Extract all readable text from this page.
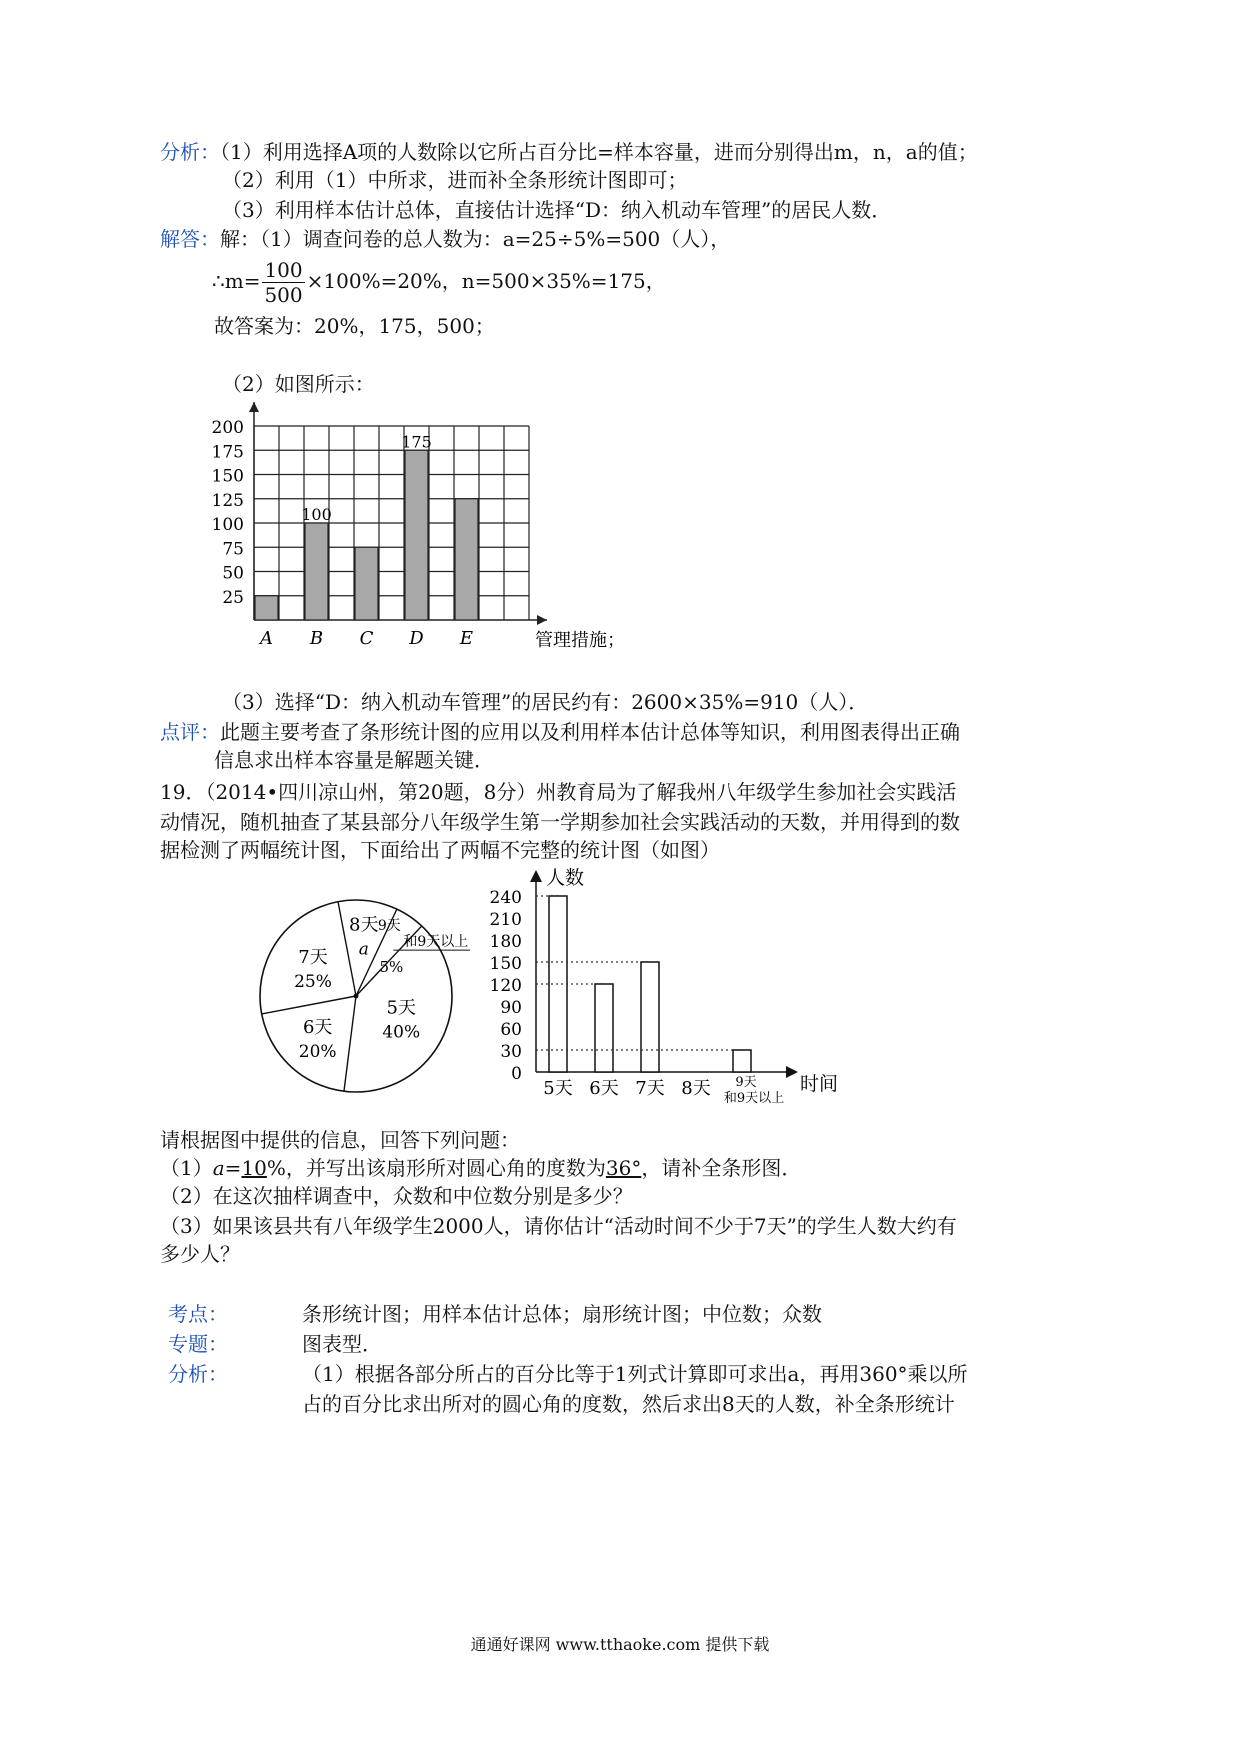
分析：（1）利用选择A项的人数除以它所占百分比=样本容量，进而分别得出m，n，a的值；
（2）利用（1）中所求，进而补全条形统计图即可；
（3）利用样本估计总体，直接估计选择“D：纳入机动车管理”的居民人数．
解答：解：（1）调查问卷的总人数为：a=25÷5%=500（人），
∴m= $\frac{100}{500} \times 100\%=20\%$，n=500×35%=175，
故答案为：20%，175，500；
（2）如图所示：
25
50
75
100
125
150
175
200
A B
100
C D
175
E	管理措施 ；
（3）选择“D：纳入机动车管理”的居民约有：2600×35%=910（人）．
点评：此题主要考查了条形统计图的应用以及利用样本估计总体等知识，利用图表得出正确
信息求出样本容量是解题关键．
19．（2014•四川凉山州，第20题，8分）州教育局为了解我州八年级学生参加社会实践活
动情况，随机抽查了某县部分八年级学生第一学期参加社会实践活动的天数，并用得到的数
据检测了两幅统计图，下面给出了两幅不完整的统计图（如图）
5天
40%
6天
20%
7天
25%
8天
a
9天
和9天以上
5%
人数
时间
0
30
60
90
120
150
180
210
240
5天 6天 7天 8天 9天
和9天以上
请根据图中提供的信息，回答下列问题：
（1）a=10%，并写出该扇形所对圆心角的度数为36°，请补全条形图．
（2）在这次抽样调查中，众数和中位数分别是多少？
（3）如果该县共有八年级学生2000人，请你估计“活动时间不少于7天”的学生人数大约有
多少人？
考点：	条形统计图；用样本估计总体；扇形统计图；中位数；众数
专题：	图表型．
分析：	（1）根据各部分所占的百分比等于1列式计算即可求出a，再用360°乘以所
占的百分比求出所对的圆心角的度数，然后求出8天的人数，补全条形统计
通通好课网 www.tthaoke.com 提供下载
